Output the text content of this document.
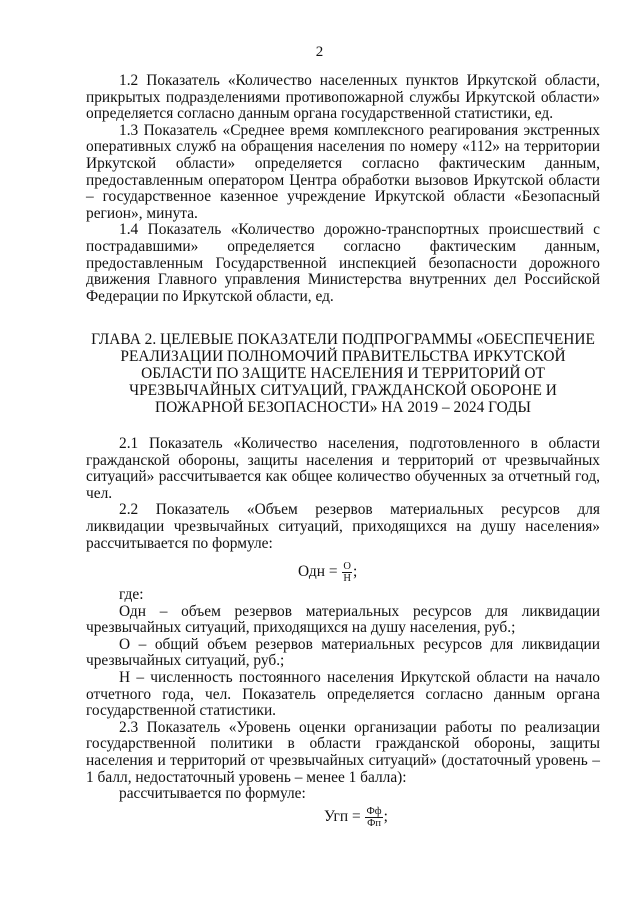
2

1.2 Показатель «Количество населенных пунктов Иркутской области, прикрытых подразделениями противопожарной службы Иркутской области» определяется согласно данным органа государственной статистики, ед.

1.3 Показатель «Среднее время комплексного реагирования экстренных оперативных служб на обращения населения по номеру «112» на территории Иркутской области» определяется согласно фактическим данным, предоставленным оператором Центра обработки вызовов Иркутской области – государственное казенное учреждение Иркутской области «Безопасный регион», минута.

1.4 Показатель «Количество дорожно-транспортных происшествий с пострадавшими» определяется согласно фактическим данным, предоставленным Государственной инспекцией безопасности дорожного движения Главного управления Министерства внутренних дел Российской Федерации по Иркутской области, ед.

ГЛАВА 2. ЦЕЛЕВЫЕ ПОКАЗАТЕЛИ ПОДПРОГРАММЫ «ОБЕСПЕЧЕНИЕ РЕАЛИЗАЦИИ ПОЛНОМОЧИЙ ПРАВИТЕЛЬСТВА ИРКУТСКОЙ ОБЛАСТИ ПО ЗАЩИТЕ НАСЕЛЕНИЯ И ТЕРРИТОРИЙ ОТ ЧРЕЗВЫЧАЙНЫХ СИТУАЦИЙ, ГРАЖДАНСКОЙ ОБОРОНЕ И ПОЖАРНОЙ БЕЗОПАСНОСТИ» НА 2019 – 2024 ГОДЫ

2.1 Показатель «Количество населения, подготовленного в области гражданской обороны, защиты населения и территорий от чрезвычайных ситуаций» рассчитывается как общее количество обученных за отчетный год, чел.

2.2 Показатель «Объем резервов материальных ресурсов для ликвидации чрезвычайных ситуаций, приходящихся на душу населения» рассчитывается по формуле:

Одн = $\frac{О}{Н}$ ;

где:

Одн – объем резервов материальных ресурсов для ликвидации чрезвычайных ситуаций, приходящихся на душу населения, руб.;

О – общий объем резервов материальных ресурсов для ликвидации чрезвычайных ситуаций, руб.;

Н – численность постоянного населения Иркутской области на начало отчетного года, чел. Показатель определяется согласно данным органа государственной статистики.

2.3 Показатель «Уровень оценки организации работы по реализации государственной политики в области гражданской обороны, защиты населения и территорий от чрезвычайных ситуаций» (достаточный уровень – 1 балл, недостаточный уровень – менее 1 балла):

рассчитывается по формуле:

Угп = $\frac{Фф}{Фп}$ ;
